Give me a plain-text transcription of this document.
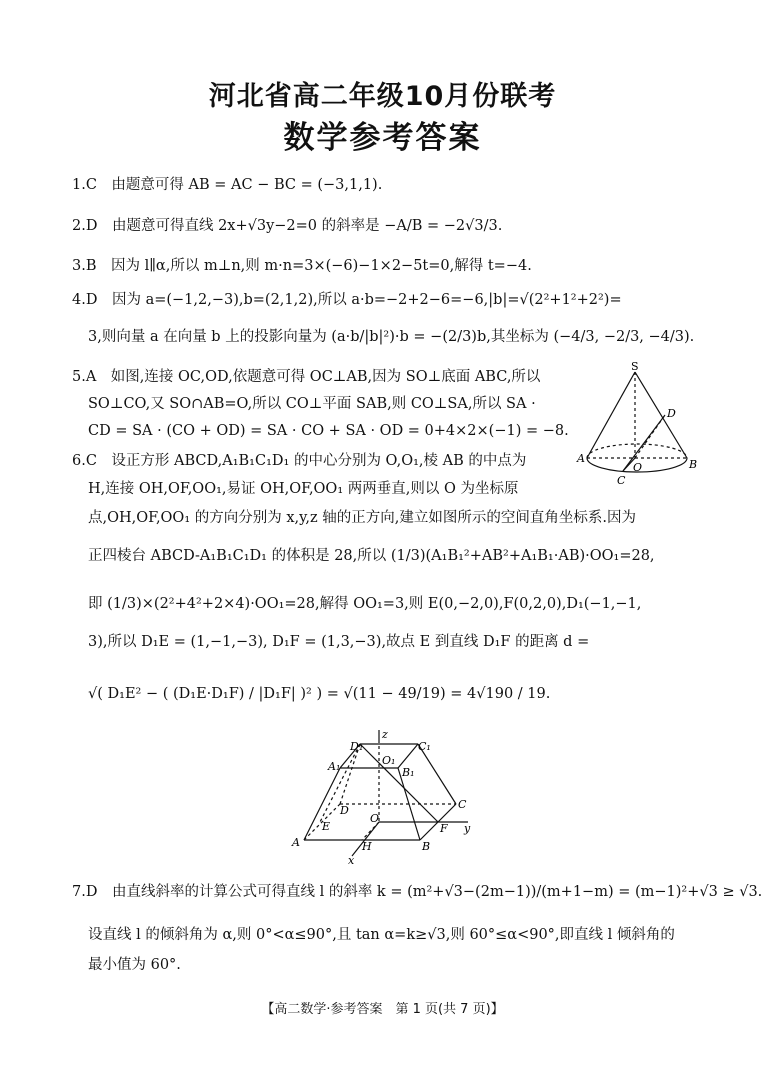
河北省高二年级10月份联考
数学参考答案
1.C　由题意可得 AB = AC − BC = (−3,1,1).
2.D　由题意可得直线 2x+√3y−2=0 的斜率是 −A/B = −2√3/3.
3.B　因为 l∥α,所以 m⊥n,则 m·n=3×(−6)−1×2−5t=0,解得 t=−4.
4.D　因为 a=(−1,2,−3),b=(2,1,2),所以 a·b=−2+2−6=−6,|b|=√(2²+1²+2²)=
3,则向量 a 在向量 b 上的投影向量为 (a·b/|b|²)·b = −(2/3)b,其坐标为 (−4/3, −2/3, −4/3).
5.A　如图,连接 OC,OD,依题意可得 OC⊥AB,因为 SO⊥底面 ABC,所以
SO⊥CO,又 SO∩AB=O,所以 CO⊥平面 SAB,则 CO⊥SA,所以 SA ·
CD = SA · (CO + OD) = SA · CO + SA · OD = 0+4×2×(−1) = −8.
S
D
A
O	B
C
6.C　设正方形 ABCD,A₁B₁C₁D₁ 的中心分别为 O,O₁,棱 AB 的中点为
H,连接 OH,OF,OO₁,易证 OH,OF,OO₁ 两两垂直,则以 O 为坐标原
点,OH,OF,OO₁ 的方向分别为 x,y,z 轴的正方向,建立如图所示的空间直角坐标系.因为
正四棱台 ABCD-A₁B₁C₁D₁ 的体积是 28,所以 (1/3)(A₁B₁²+AB²+A₁B₁·AB)·OO₁=28,
即 (1/3)×(2²+4²+2×4)·OO₁=28,解得 OO₁=3,则 E(0,−2,0),F(0,2,0),D₁(−1,−1,
3),所以 D₁E = (1,−1,−3), D₁F = (1,3,−3),故点 E 到直线 D₁F 的距离 d =
√( D₁E² − ( (D₁E·D₁F) / |D₁F| )² ) = √(11 − 49/19) = 4√190 / 19.
D₁	C₁
z
A₁	O₁
B₁
D	C
E
O
F y
A	H	B
x
7.D　由直线斜率的计算公式可得直线 l 的斜率 k = (m²+√3−(2m−1))/(m+1−m) = (m−1)²+√3 ≥ √3.
设直线 l 的倾斜角为 α,则 0°<α≤90°,且 tan α=k≥√3,则 60°≤α<90°,即直线 l 倾斜角的
最小值为 60°.
【高二数学·参考答案　第 1 页(共 7 页)】
